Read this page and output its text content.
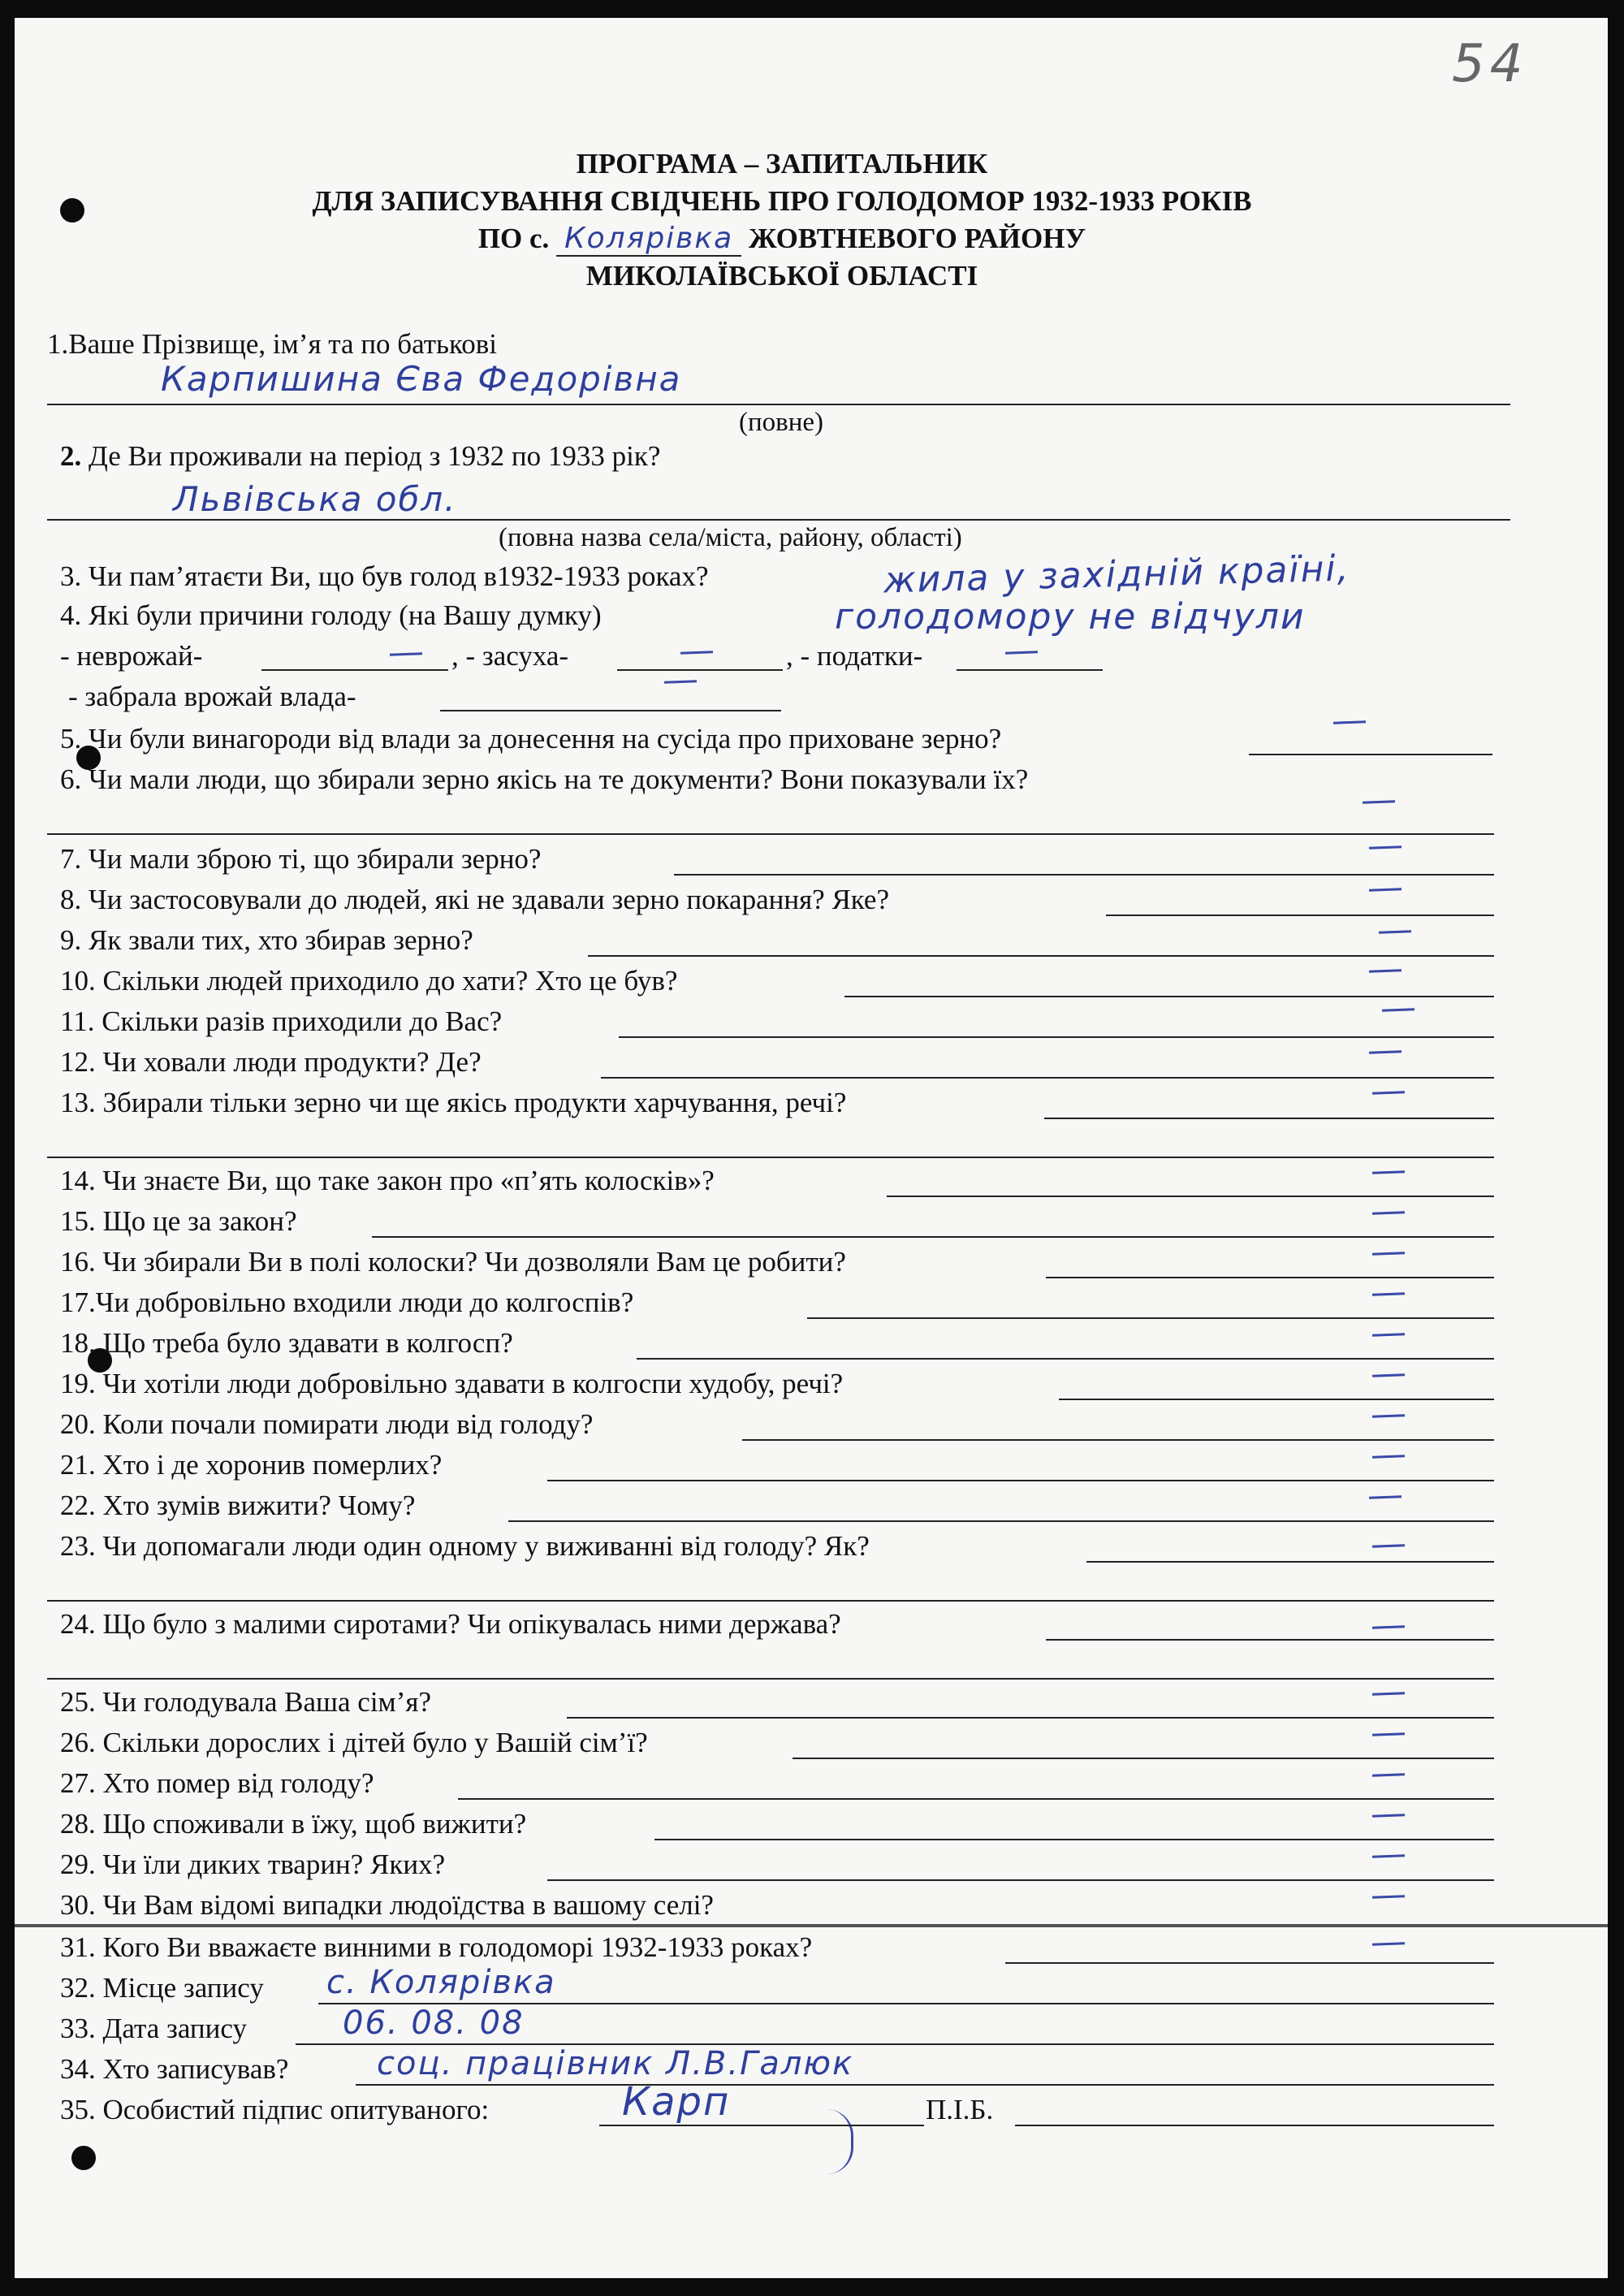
54
ПРОГРАМА – ЗАПИТАЛЬНИК
ДЛЯ ЗАПИСУВАННЯ СВІДЧЕНЬ ПРО ГОЛОДОМОР 1932-1933 РОКІВ
ПО с. Колярівка ЖОВТНЕВОГО РАЙОНУ
МИКОЛАЇВСЬКОЇ ОБЛАСТІ
1.Ваше Прізвище, ім’я та по батькові
Карпишина Єва Федорівна
(повне)
2. Де Ви проживали на період з 1932 по 1933 рік?
Львівська обл.
(повна назва села/міста, району, області)
3. Чи пам’ятаєти Ви, що був голод в1932-1933 роках?	жила у західній країні,
4. Які були причини голоду (на Вашу думку)	голодомору не відчули
- неврожай-	, - засуха-	, - податки-
- забрала врожай влада-
5. Чи були винагороди від влади за донесення на сусіда про приховане зерно?
6. Чи мали люди, що збирали зерно якісь на те документи? Вони показували їх?
7. Чи мали зброю ті, що збирали зерно?
8. Чи застосовували до людей, які не здавали зерно покарання? Яке?
9. Як звали тих, хто збирав зерно?
10. Скільки людей приходило до хати? Хто це був?
11. Скільки разів приходили до Вас?
12. Чи ховали люди продукти? Де?
13. Збирали тільки зерно чи ще якісь продукти харчування, речі?
14. Чи знаєте Ви, що таке закон про «п’ять колосків»?
15. Що це за закон?
16. Чи збирали Ви в полі колоски? Чи дозволяли Вам це робити?
17.Чи добровільно входили люди до колгоспів?
18. Що треба було здавати в колгосп?
19. Чи хотіли люди добровільно здавати в колгоспи худобу, речі?
20. Коли почали помирати люди від голоду?
21. Хто і де хоронив померлих?
22. Хто зумів вижити? Чому?
23. Чи допомагали люди один одному у виживанні від голоду? Як?
24. Що було з малими сиротами? Чи опікувалась ними держава?
25. Чи голодувала Ваша сім’я?
26. Скільки дорослих і дітей було у Вашій сім’ї?
27. Хто помер від голоду?
28. Що споживали в їжу, щоб вижити?
29. Чи їли диких тварин? Яких?
30. Чи Вам відомі випадки людоїдства в вашому селі?
31. Кого Ви вважаєте винними в голодоморі 1932-1933 роках?
32. Місце запису с. Колярівка
33. Дата запису	06. 08. 08
34. Хто записував?	соц. працівник Л.В.Галюк
35. Особистий підпис опитуваного:	Карп	П.І.Б.
